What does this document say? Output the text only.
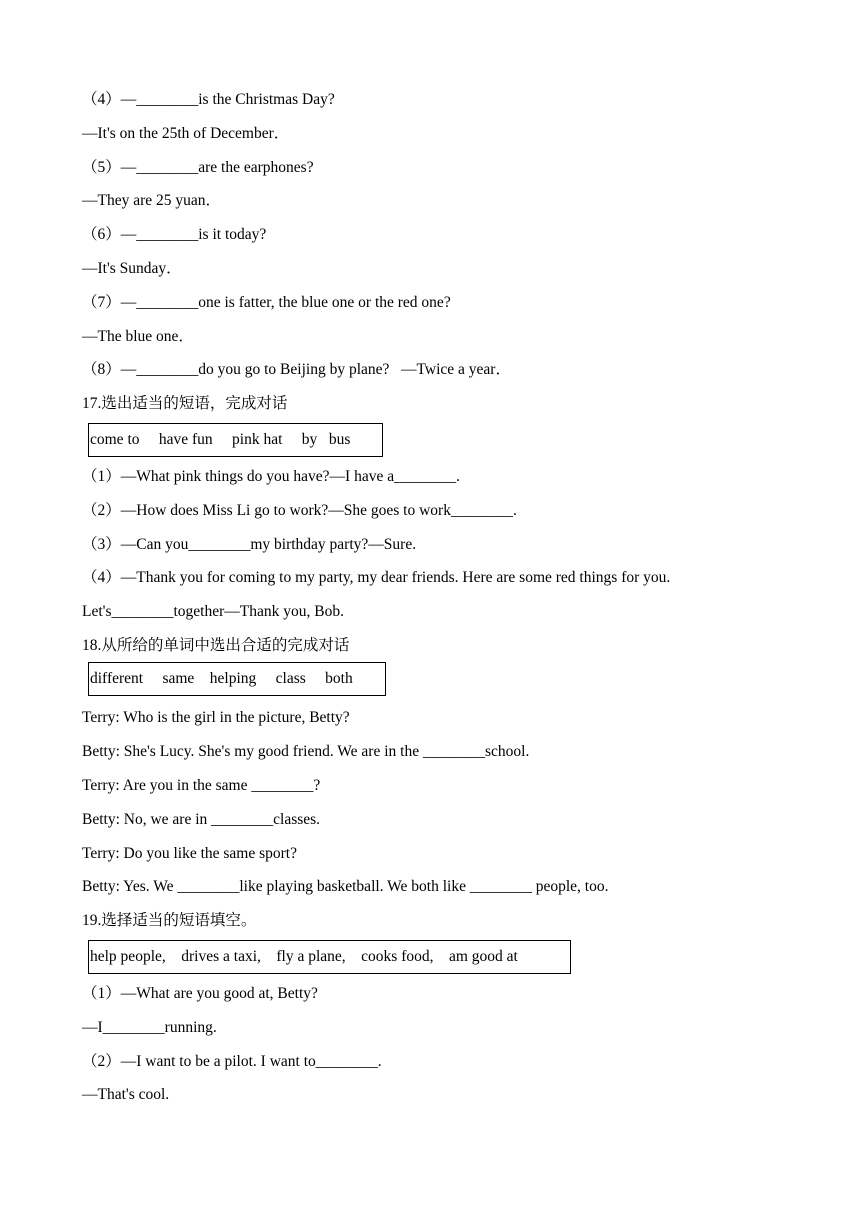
（4）—________is the Christmas Day?
—It's on the 25th of December．
（5）—________are the earphones?
—They are 25 yuan．
（6）—________is it today?
—It's Sunday．
（7）—________one is fatter, the blue one or the red one?
—The blue one．
（8）—________do you go to Beijing by plane?   —Twice a year．
17.选出适当的短语，完成对话
come to     have fun     pink hat     by   bus
（1）—What pink things do you have?—I have a________.
（2）—How does Miss Li go to work?—She goes to work________.
（3）—Can you________my birthday party?—Sure.
（4）—Thank you for coming to my party, my dear friends. Here are some red things for you.
Let's________together—Thank you, Bob.
18.从所给的单词中选出合适的完成对话
different     same    helping     class     both
Terry: Who is the girl in the picture, Betty?
Betty: She's Lucy. She's my good friend. We are in the ________school.
Terry: Are you in the same ________?
Betty: No, we are in ________classes.
Terry: Do you like the same sport?
Betty: Yes. We ________like playing basketball. We both like ________ people, too.
19.选择适当的短语填空。
help people,    drives a taxi,    fly a plane,    cooks food,    am good at
（1）—What are you good at, Betty?
—I________running.
（2）—I want to be a pilot. I want to________.
—That's cool.
